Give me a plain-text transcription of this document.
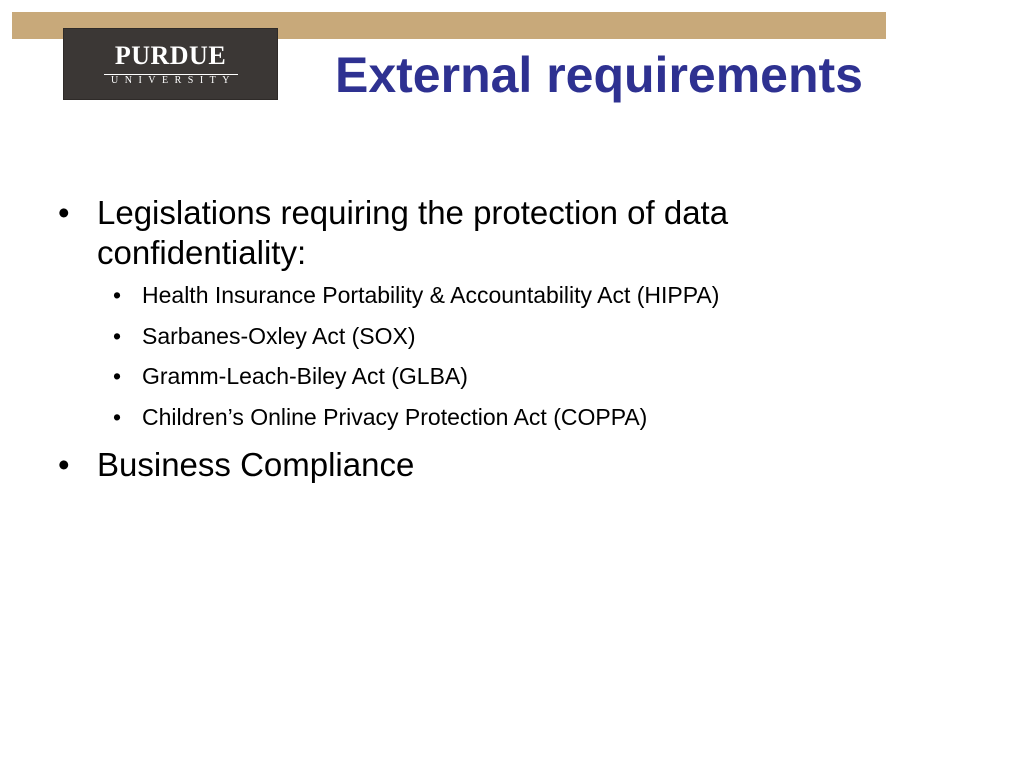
PURDUE
UNIVERSITY	External requirements
• Legislations requiring the protection of data confidentiality:
• Health Insurance Portability & Accountability Act (HIPPA)
• Sarbanes-Oxley Act (SOX)
• Gramm-Leach-Biley Act (GLBA)
• Children’s Online Privacy Protection Act (COPPA)
• Business Compliance
